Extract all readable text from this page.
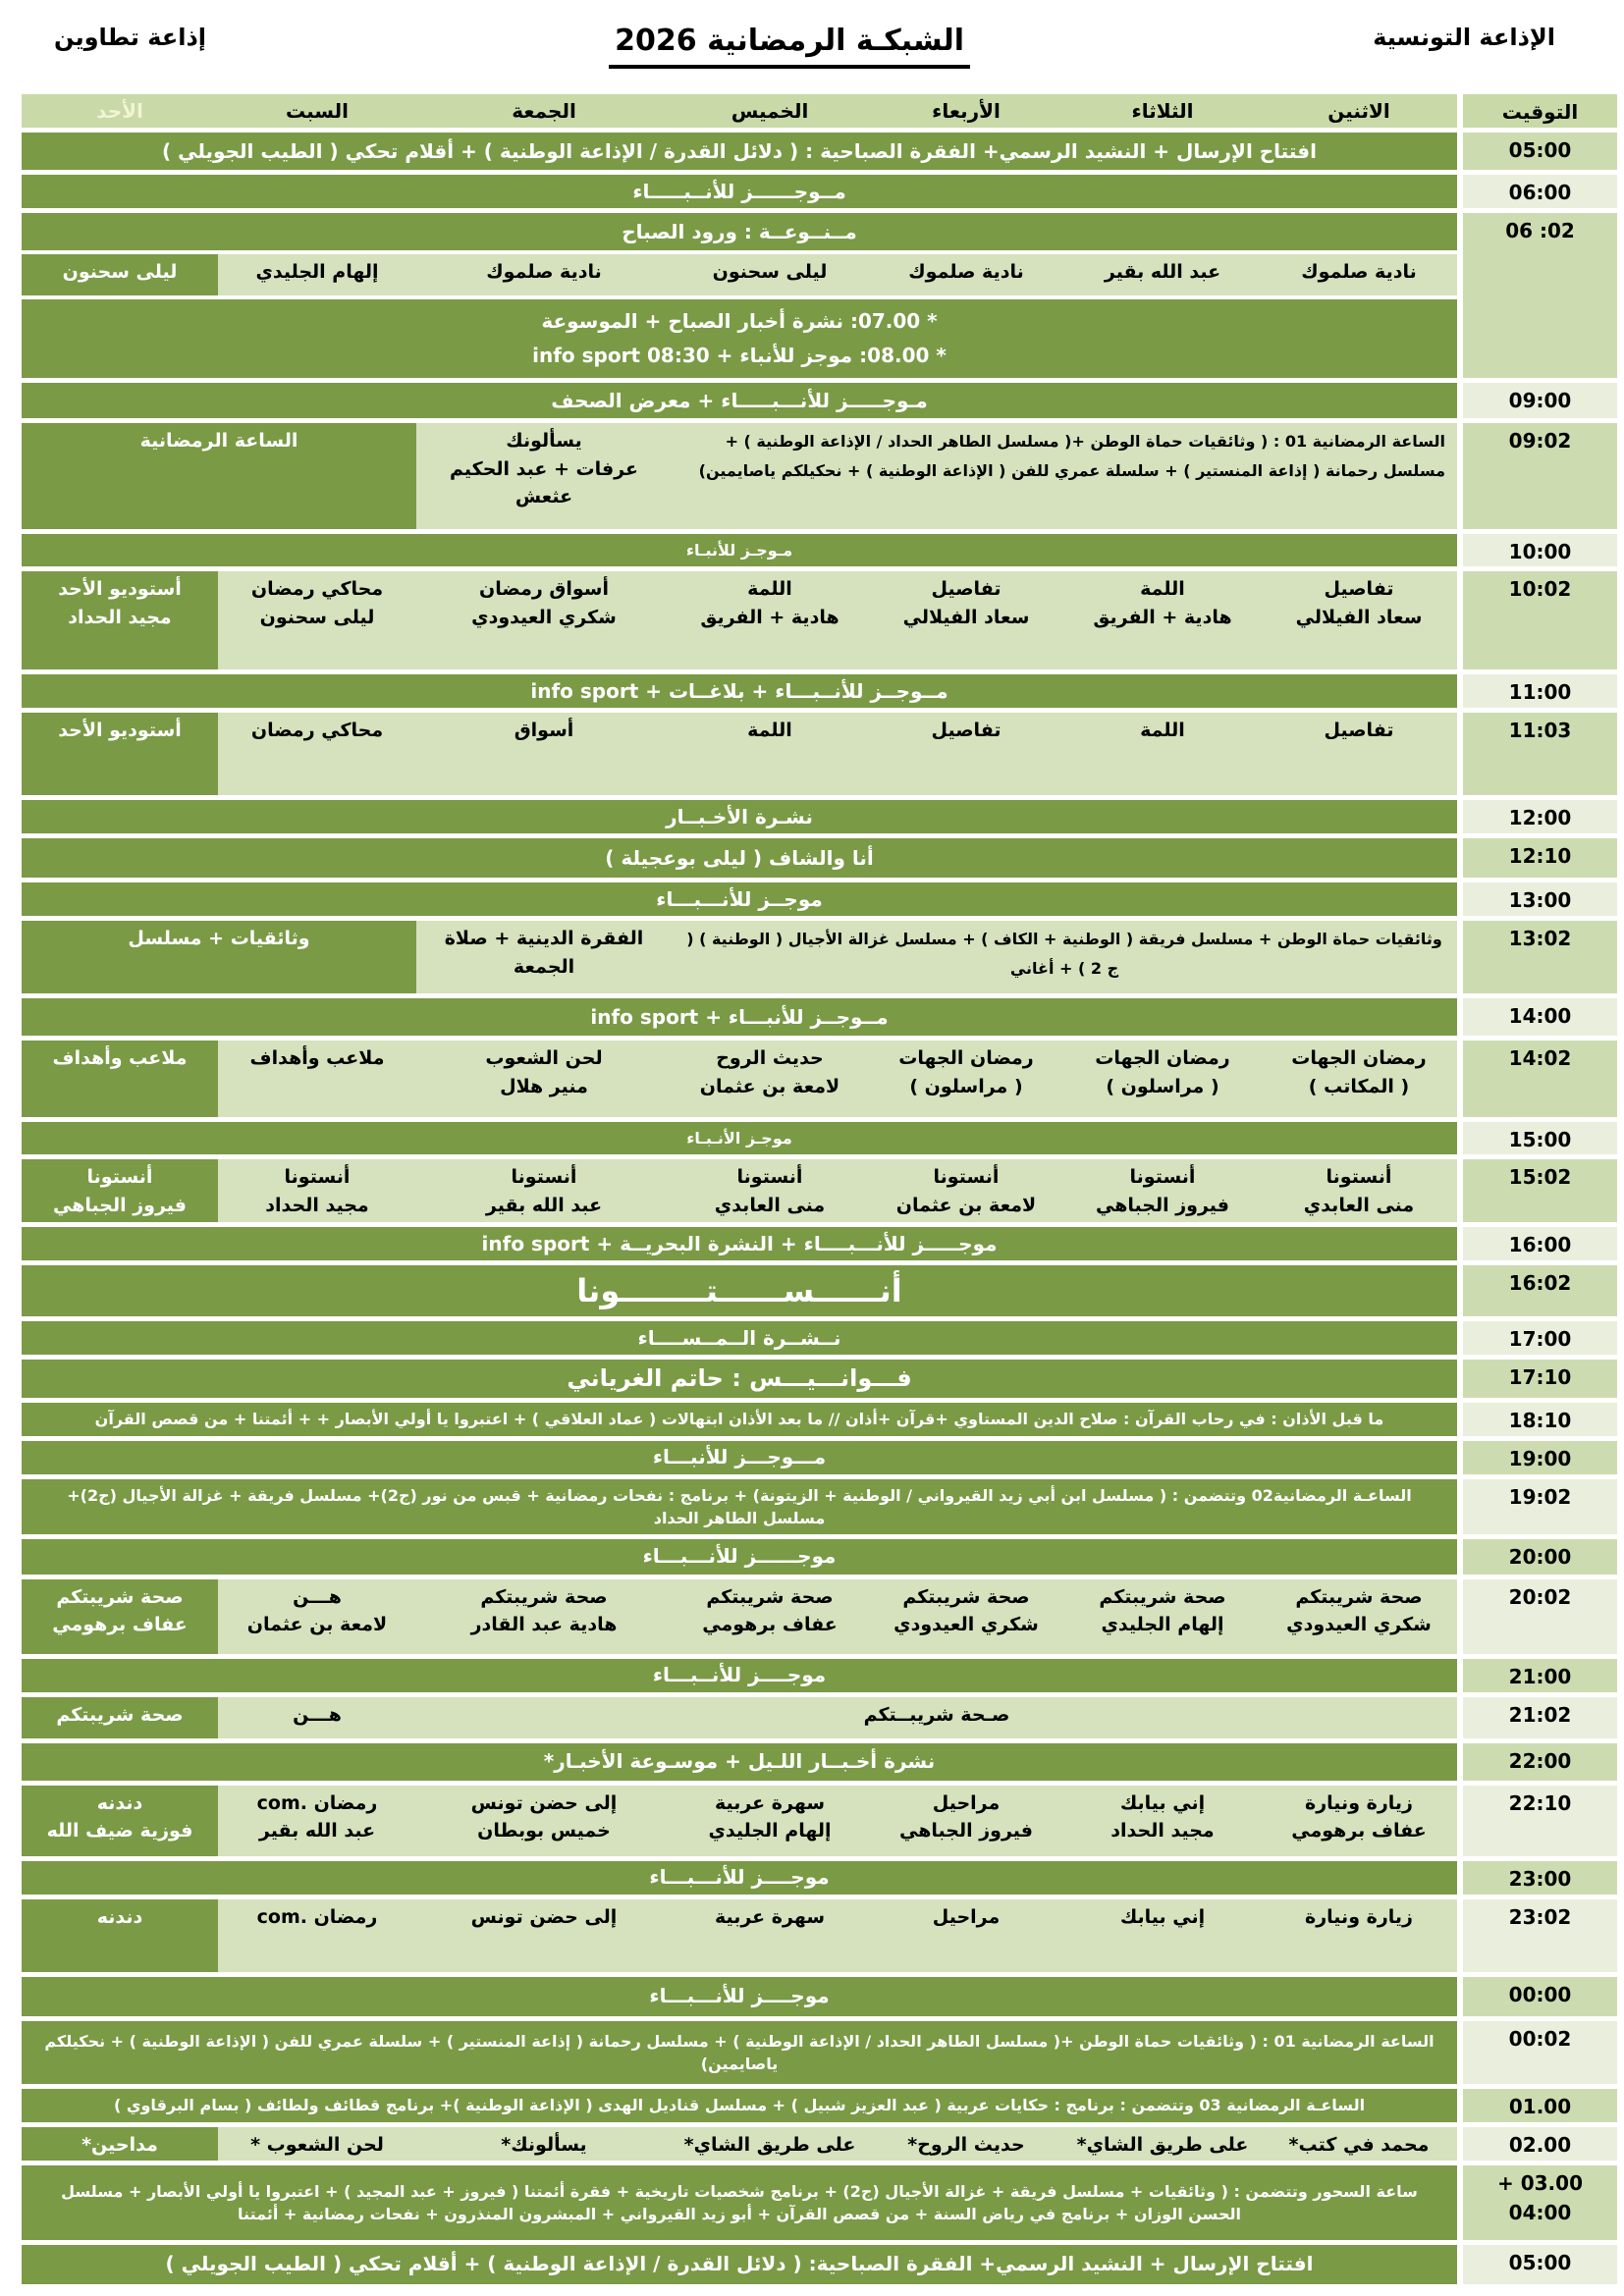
الإذاعة التونسية
الشبكـة الرمضانية 2026
إذاعة تطاوين
التوقيت
الاثنين
الثلاثاء
الأربعاء
الخميس
الجمعة
السبت
الأحد
05:00
افتتاح الإرسال + النشيد الرسمي+ الفقرة الصباحية : ( دلائل القدرة / الإذاعة الوطنية ) + أقلام تحكي ( الطيب الجويلي )
06:00
مــوجــــــز للأنــبـــــاء
06 :02
مــنــوعــة : ورود الصباح
نادية صلموك
عبد الله بقير
نادية صلموك
ليلى سحنون
نادية صلموك
إلهام الجليدي
ليلى سحنون
* 07.00: نشرة أخبار الصباح + الموسوعة
* 08.00: موجز للأنباء + info sport 08:30
09:00
مـوجـــــز للأنـــبـــــاء + معرض الصحف
09:02
الساعة الرمضانية 01 : ( وثائقيات حماة الوطن +( مسلسل الطاهر الحداد / الإذاعة الوطنية ) + مسلسل رحمانة ( إذاعة المنستير ) + سلسلة عمري للفن ( الإذاعة الوطنية ) + نحكيلكم ياصايمين)
يسألونك
عرفات + عبد الحكيم عثعش
الساعة الرمضانية
10:00
مـوجـز للأنبـاء
10:02
تفاصيل
سعاد الفيلالي
اللمة
هادية + الفريق
تفاصيل
سعاد الفيلالي
اللمة
هادية + الفريق
أسواق رمضان
شكري العيدودي
محاكي رمضان
ليلى سحنون
أستوديو الأحد
مجيد الحداد
11:00
مــوجــز للأنــبـــاء + بلاغــات + info sport
11:03
تفاصيل
اللمة
تفاصيل
اللمة
أسواق
محاكي رمضان
أستوديو الأحد
12:00
نشـرة الأخـبــار
12:10
أنا والشاف ( ليلى بوعجيلة )
13:00
موجــز للأنـــبـــاء
13:02
وثائقيات حماة الوطن + مسلسل فريقة ( الوطنية + الكاف ) + مسلسل غزالة الأجيال ( الوطنية ) ( ج 2 ) + أغاني
الفقرة الدينية + صلاة الجمعة
وثائقيات + مسلسل
14:00
مــوجــز للأنبـــاء + info sport
14:02
رمضان الجهات
( المكاتب )
رمضان الجهات
( مراسلون )
رمضان الجهات
( مراسلون )
حديث الروح
لامعة بن عثمان
لحن الشعوب
منير هلال
ملاعب وأهداف
ملاعب وأهداف
15:00
موجـز الأنـبـاء
15:02
أنستونا
منى العابدي
أنستونا
فيروز الجباهي
أنستونا
لامعة بن عثمان
أنستونا
منى العابدي
أنستونا
عبد الله بقير
أنستونا
مجيد الحداد
أنستونا
فيروز الجباهي
16:00
موجـــــز للأنـــبــــاء + النشرة البحريــة + info sport
16:02
أنــــــســــــتــــــــونا
17:00
نــشــرة الــمــســــاء
17:10
فـــوانـــيـــس : حاتم الغرياني
18:10
ما قبل الأذان : في رحاب القرآن : صلاح الدين المستاوي +قرآن +أذان // ما بعد الأذان ابتهالات ( عماد العلاقي ) + اعتبروا يا أولي الأبصار + + أئمتنا + من قصص القرآن
19:00
مـــوجـــز للأنبـــاء
19:02
الساعـة الرمضانية02 وتتضمن : ( مسلسل ابن أبي زيد القيرواني / الوطنية + الزيتونة) + برنامج : نفحات رمضانية + قبس من نور (ج2)+ مسلسل فريقة + غزالة الأجيال (ج2)+ مسلسل الطاهر الحداد
20:00
موجــــــز للأنـــبـــاء
20:02
صحة شريبتكم
شكري العيدودي
صحة شريبتكم
إلهام الجليدي
صحة شريبتكم
شكري العيدودي
صحة شريبتكم
عفاف برهومي
صحة شريبتكم
هادية عبد القادر
هـــن
لامعة بن عثمان
صحة شريبتكم
عفاف برهومي
21:00
موجــــز للأنــبـــاء
21:02
صـحة شريبــتكم
هـــن
صحة شريبتكم
22:00
نشرة أخـبــار اللـيل + موسـوعة الأخبـار*
22:10
زيارة ونيارة
عفاف برهومي
إني بيابك
مجيد الحداد
مراحيل
فيروز الجباهي
سهرة عربية
إلهام الجليدي
إلى حضن تونس
خميس بوبطان
رمضان .com
عبد الله بقير
دندنه
فوزية ضيف الله
23:00
موجــــز للأنـــبـــاء
23:02
زيارة ونيارة
إني بيابك
مراحيل
سهرة عربية
إلى حضن تونس
رمضان .com
دندنه
00:00
موجــــز للأنـــبـــاء
00:02
الساعة الرمضانية 01 : ( وثائقيات حماة الوطن +( مسلسل الطاهر الحداد / الإذاعة الوطنية ) + مسلسل رحمانة ( إذاعة المنستير ) + سلسلة عمري للفن ( الإذاعة الوطنية ) + نحكيلكم ياصايمين)
01.00
الساعـة الرمضانية 03 وتتضمن : برنامج : حكايات عربية ( عبد العزيز شبيل ) + مسلسل قناديل الهدى ( الإذاعة الوطنية )+ برنامج قطائف ولطائف ( بسام البرقاوي )
02.00
محمد في كتب*
على طريق الشاي*
حديث الروح*
على طريق الشاي*
يسألونك*
لحن الشعوب *
مداحين*
+ 03.00
04:00
ساعة السحور وتتضمن : ( وثائقيات + مسلسل فريقة + غزالة الأجيال (ج2) + برنامج شخصيات تاريخية + فقرة أئمتنا ( فيروز + عبد المجيد ) + اعتبروا يا أولي الأبصار + مسلسل الحسن الوزان + برنامج في رياض السنة + من قصص القرآن + أبو زيد القيرواني + المبشرون المنذرون + نفحات رمضانية + أئمتنا
05:00
افتتاح الإرسال + النشيد الرسمي+ الفقرة الصباحية: ( دلائل القدرة / الإذاعة الوطنية ) + أقلام تحكي ( الطيب الجويلي )
